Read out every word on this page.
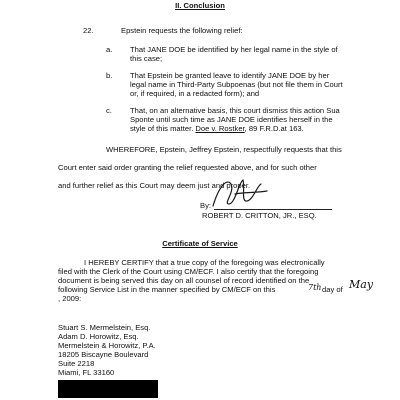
II. Conclusion
22.	Epstein requests the following relief:
a. That JANE DOE be identified by her legal name in the style of
this case;
b. That Epstein be granted leave to identify JANE DOE by her
legal name in Third-Party Subpoenas (but not file them in Court
or, if required, in a redacted form); and
c. That, on an alternative basis, this court dismiss this action Sua
Sponte until such time as JANE DOE identifies herself in the
style of this matter. Doe v. Rostker, 89 F.R.D.at 163.
WHEREFORE, Epstein, Jeffrey Epstein, respectfully requests that this
Court enter said order granting the relief requested above, and for such other
and further relief as this Court may deem just and proper.
By:
ROBERT D. CRITTON, JR., ESQ.
Certificate of Service
I HEREBY CERTIFY that a true copy of the foregoing was electronically
filed with the Clerk of the Court using CM/ECF. I also certify that the foregoing
document is being served this day on all counsel of record identified on the
following Service List in the manner specified by CM/ECF on this	7th day of May
, 2009:
Stuart S. Mermelstein, Esq.
Adam D. Horowitz, Esq.
Mermelstein & Horowitz, P.A.
18205 Biscayne Boulevard
Suite 2218
Miami, FL 33160
